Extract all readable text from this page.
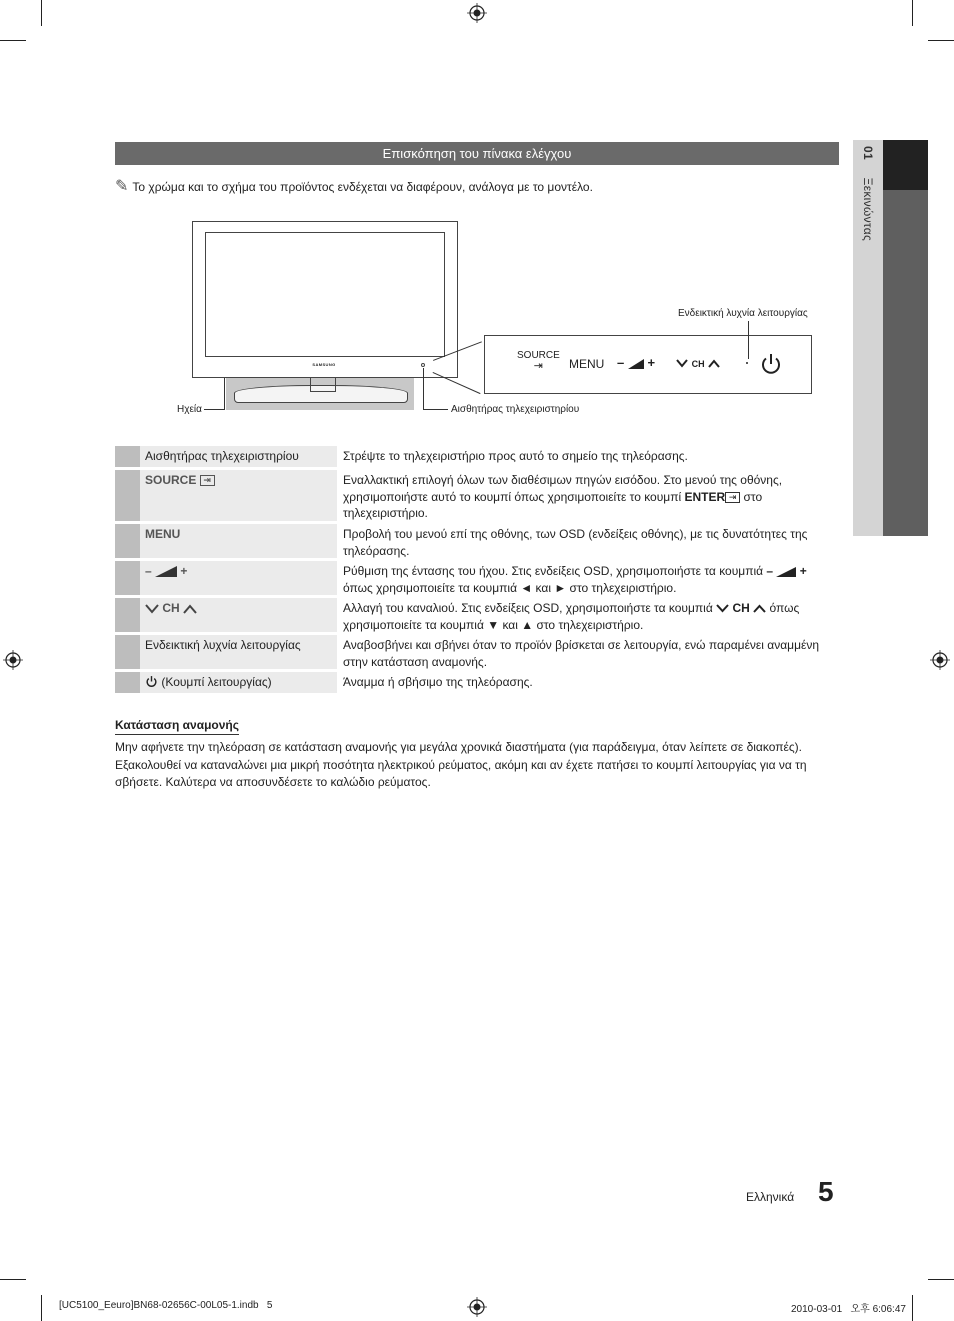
01 Ξεκινώντας
Επισκόπηση του πίνακα ελέγχου
✎ Το χρώμα και το σχήμα του προϊόντος ενδέχεται να διαφέρουν, ανάλογα με το μοντέλο.
SAMSUNG
SOURCE
⇥	MENU – +	CH
Ενδεικτική λυχνία λειτουργίας
Ηχεία	Αισθητήρας τηλεχειριστηρίου
Αισθητήρας τηλεχειριστηρίου	Στρέψτε το τηλεχειριστήριο προς αυτό το σημείο της τηλεόρασης.
SOURCE ⇥	Εναλλακτική επιλογή όλων των διαθέσιμων πηγών εισόδου. Στο μενού της οθόνης, χρησιμοποιήστε αυτό το κουμπί όπως χρησιμοποιείτε το κουμπί ENTER ⇥ στο τηλεχειριστήριο.
MENU	Προβολή του μενού επί της οθόνης, των OSD (ενδείξεις οθόνης), με τις δυνατότητες της τηλεόρασης.
– +	Ρύθμιση της έντασης του ήχου. Στις ενδείξεις OSD, χρησιμοποιήστε τα κουμπιά – + όπως χρησιμοποιείτε τα κουμπιά ◄ και ► στο τηλεχειριστήριο.
CH	Αλλαγή του καναλιού. Στις ενδείξεις OSD, χρησιμοποιήστε τα κουμπιά CH όπως χρησιμοποιείτε τα κουμπιά ▼ και ▲ στο τηλεχειριστήριο.
Ενδεικτική λυχνία λειτουργίας	Αναβοσβήνει και σβήνει όταν το προϊόν βρίσκεται σε λειτουργία, ενώ παραμένει αναμμένη στην κατάσταση αναμονής.
(Κουμπί λειτουργίας)	Άναμμα ή σβήσιμο της τηλεόρασης.
Κατάσταση αναμονής
Μην αφήνετε την τηλεόραση σε κατάσταση αναμονής για μεγάλα χρονικά διαστήματα (για παράδειγμα, όταν λείπετε σε διακοπές). Εξακολουθεί να καταναλώνει μια μικρή ποσότητα ηλεκτρικού ρεύματος, ακόμη και αν έχετε πατήσει το κουμπί λειτουργίας για να τη σβήσετε. Καλύτερα να αποσυνδέσετε το καλώδιο ρεύματος.
Ελληνικά 5
[UC5100_Eeuro]BN68-02656C-00L05-1.indb   5	2010-03-01   오후 6:06:47
